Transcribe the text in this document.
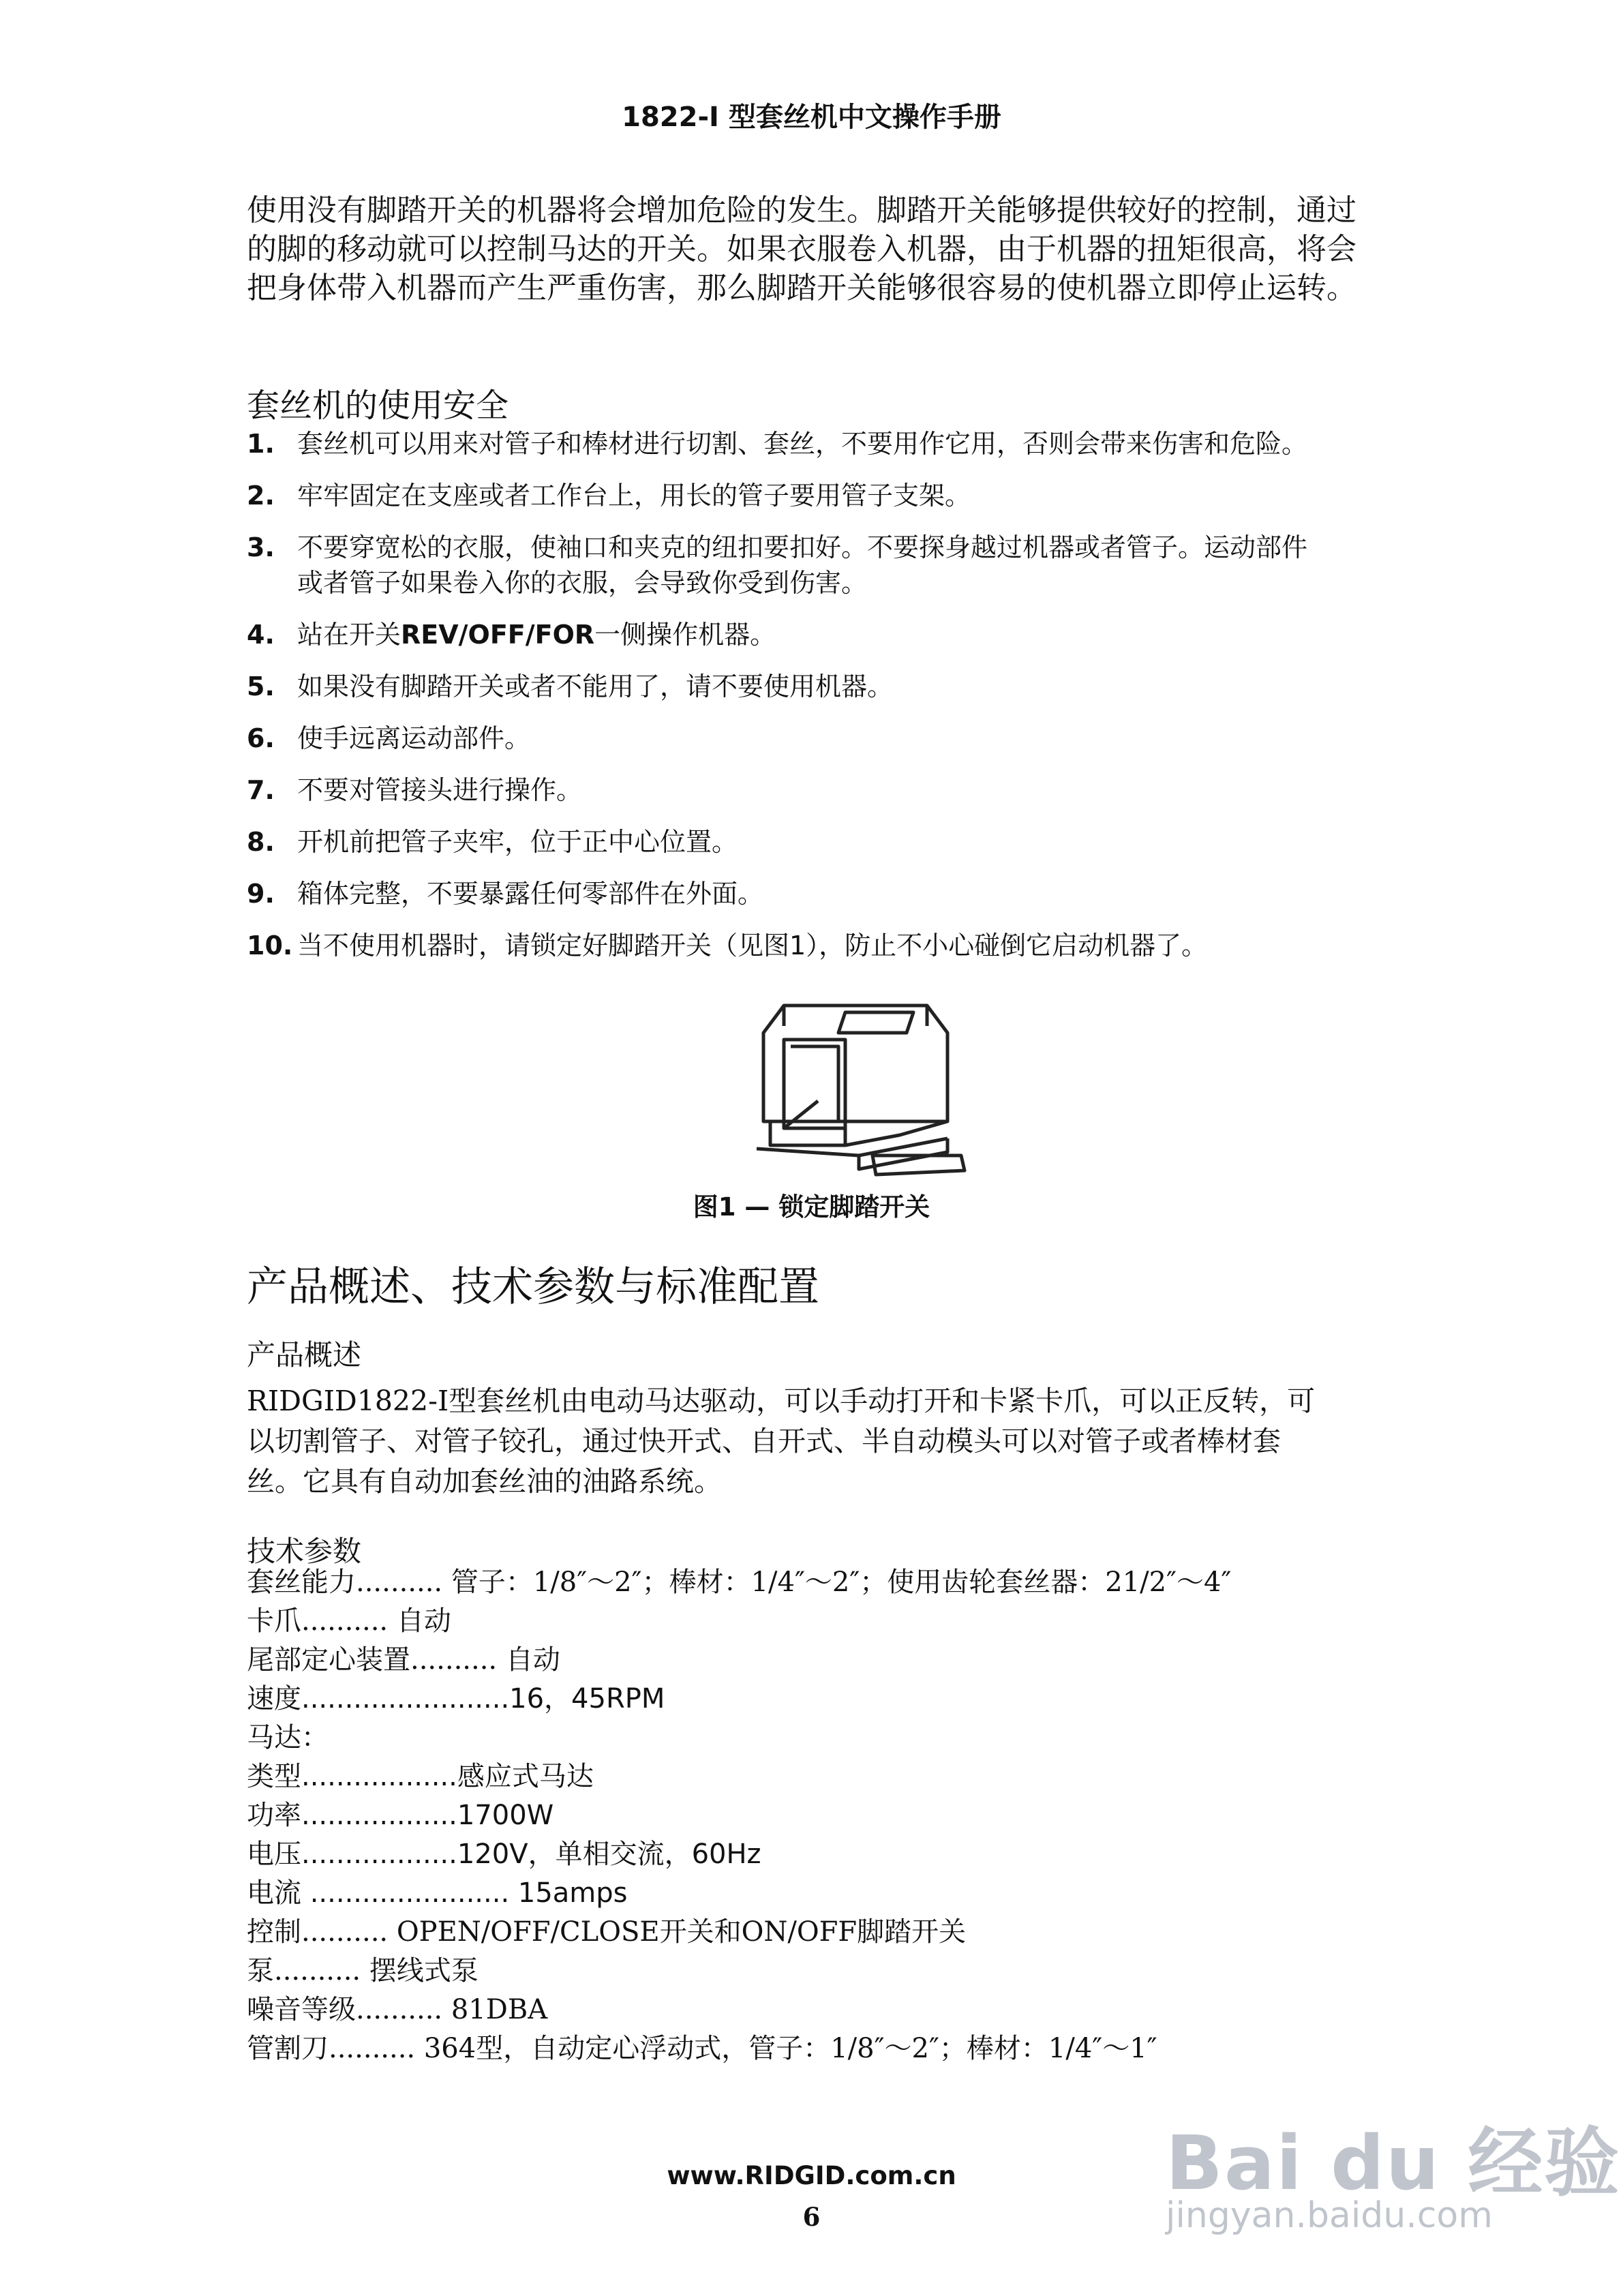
1822-I 型套丝机中文操作手册
使用没有脚踏开关的机器将会增加危险的发生。脚踏开关能够提供较好的控制，通过
的脚的移动就可以控制马达的开关。如果衣服卷入机器，由于机器的扭矩很高，将会
把身体带入机器而产生严重伤害，那么脚踏开关能够很容易的使机器立即停止运转。
套丝机的使用安全
1. 套丝机可以用来对管子和棒材进行切割、套丝，不要用作它用，否则会带来伤害和危险。
2. 牢牢固定在支座或者工作台上，用长的管子要用管子支架。
3. 不要穿宽松的衣服，使袖口和夹克的纽扣要扣好。不要探身越过机器或者管子。运动部件
或者管子如果卷入你的衣服，会导致你受到伤害。
4. 站在开关REV/OFF/FOR一侧操作机器。
5. 如果没有脚踏开关或者不能用了，请不要使用机器。
6. 使手远离运动部件。
7. 不要对管接头进行操作。
8. 开机前把管子夹牢，位于正中心位置。
9. 箱体完整，不要暴露任何零部件在外面。
10. 当不使用机器时，请锁定好脚踏开关（见图1），防止不小心碰倒它启动机器了。
图1 — 锁定脚踏开关
产品概述、技术参数与标准配置
产品概述
RIDGID1822-I型套丝机由电动马达驱动，可以手动打开和卡紧卡爪，可以正反转，可
以切割管子、对管子铰孔，通过快开式、自开式、半自动模头可以对管子或者棒材套
丝。它具有自动加套丝油的油路系统。
技术参数
套丝能力.......... 管子：1/8″～2″；棒材：1/4″～2″；使用齿轮套丝器：21/2″～4″
卡爪.......... 自动
尾部定心装置.......... 自动
速度........................16，45RPM
马达：
类型..................感应式马达
功率..................1700W
电压..................120V，单相交流，60Hz
电流 ....................... 15amps
控制.......... OPEN/OFF/CLOSE开关和ON/OFF脚踏开关
泵.......... 摆线式泵
噪音等级.......... 81DBA
管割刀.......... 364型，自动定心浮动式，管子：1/8″～2″；棒材：1/4″～1″
Bai du 经验
jingyan.baidu.com
www.RIDGID.com.cn
6
